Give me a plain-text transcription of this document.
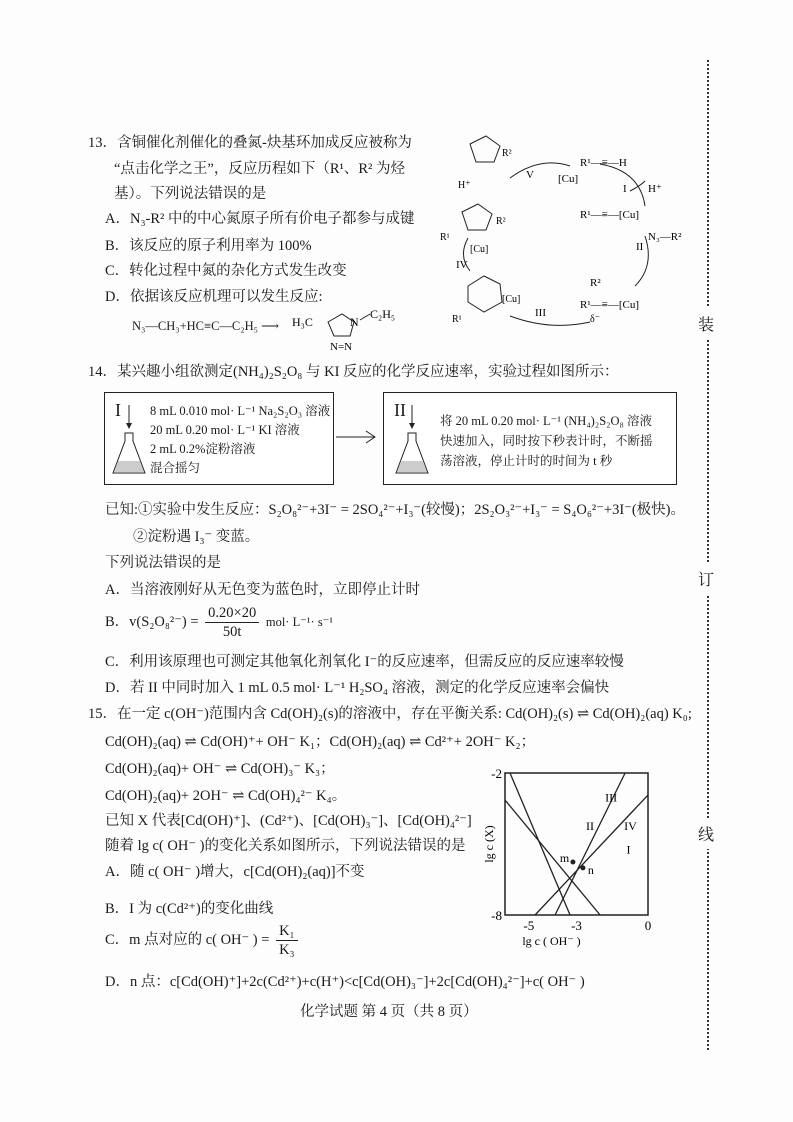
装
订
线
13．含铜催化剂催化的叠氮-炔基环加成反应被称为
“点击化学之王”，反应历程如下（R¹、R² 为烃
基）。下列说法错误的是
A．N₃-R² 中的中心氮原子所有价电子都参与成键
B．该反应的原子利用率为 100%
C．转化过程中氮的杂化方式发生改变
D．依据该反应机理可以发生反应:
N₃—CH₃+HC≡C—C₂H₅ ⟶ H₃C	N
C₂H₅
N=N
[Cu]
R¹—≡—H
I H⁺
R¹—≡—[Cu]
II
N₃—R²
R²
R¹—≡—[Cu]
δ⁻
III
IV
V
H⁺
R²
R²
R¹
[Cu]
[Cu]
R¹
14．某兴趣小组欲测定(NH₄)₂S₂O₈ 与 KI 反应的化学反应速率，实验过程如图所示：
I 8 mL 0.010 mol· L⁻¹ Na₂S₂O₃ 溶液
20 mL 0.20 mol· L⁻¹ KI 溶液
2 mL 0.2%淀粉溶液
混合摇匀
II
将 20 mL 0.20 mol· L⁻¹ (NH₄)₂S₂O₈ 溶液
快速加入，同时按下秒表计时，不断摇
荡溶液，停止计时的时间为 t 秒
已知:①实验中发生反应：S₂O₈²⁻+3I⁻ = 2SO₄²⁻+I₃⁻(较慢)；2S₂O₃²⁻+I₃⁻ = S₄O₆²⁻+3I⁻(极快)。
②淀粉遇 I₃⁻ 变蓝。
下列说法错误的是
A．当溶液刚好从无色变为蓝色时，立即停止计时
B．$v(S_2O_8^{2-}) = \frac{0.20\times 20}{50t} mol\cdot L^{-1}\cdot s^{-1}$
C．利用该原理也可测定其他氧化剂氧化 I⁻的反应速率，但需反应的反应速率较慢
D．若 II 中同时加入 1 mL 0.5 mol· L⁻¹ H₂SO₄ 溶液，测定的化学反应速率会偏快
15．在一定 c(OH⁻)范围内含 Cd(OH)₂(s)的溶液中，存在平衡关系: Cd(OH)₂(s) ⇌ Cd(OH)₂(aq) K₀;
Cd(OH)₂(aq) ⇌ Cd(OH)⁺+ OH⁻ K₁；Cd(OH)₂(aq) ⇌ Cd²⁺+ 2OH⁻ K₂；
Cd(OH)₂(aq)+ OH⁻ ⇌ Cd(OH)₃⁻ K₃；
Cd(OH)₂(aq)+ 2OH⁻ ⇌ Cd(OH)₄²⁻ K₄。
已知 X 代表[Cd(OH)⁺]、(Cd²⁺)、[Cd(OH)₃⁻]、[Cd(OH)₄²⁻]
随着 lg c( OH⁻ )的变化关系如图所示，下列说法错误的是
A．随 c( OH⁻ )增大，c[Cd(OH)₂(aq)]不变
B．I 为 c(Cd²⁺)的变化曲线
C．m 点对应的 c( OH⁻ ) = $\frac{\text{K₁}}{\text{K₃}}$
D．n 点：c[Cd(OH)⁺]+2c(Cd²⁺)+c(H⁺)<c[Cd(OH)₃⁻]+2c[Cd(OH)₄²⁻]+c( OH⁻ )
I
II
III
IV
m
n
-5	-3	0
-2
-8
lg c ( OH⁻ )
lg c (X)
化学试题 第 4 页（共 8 页）
